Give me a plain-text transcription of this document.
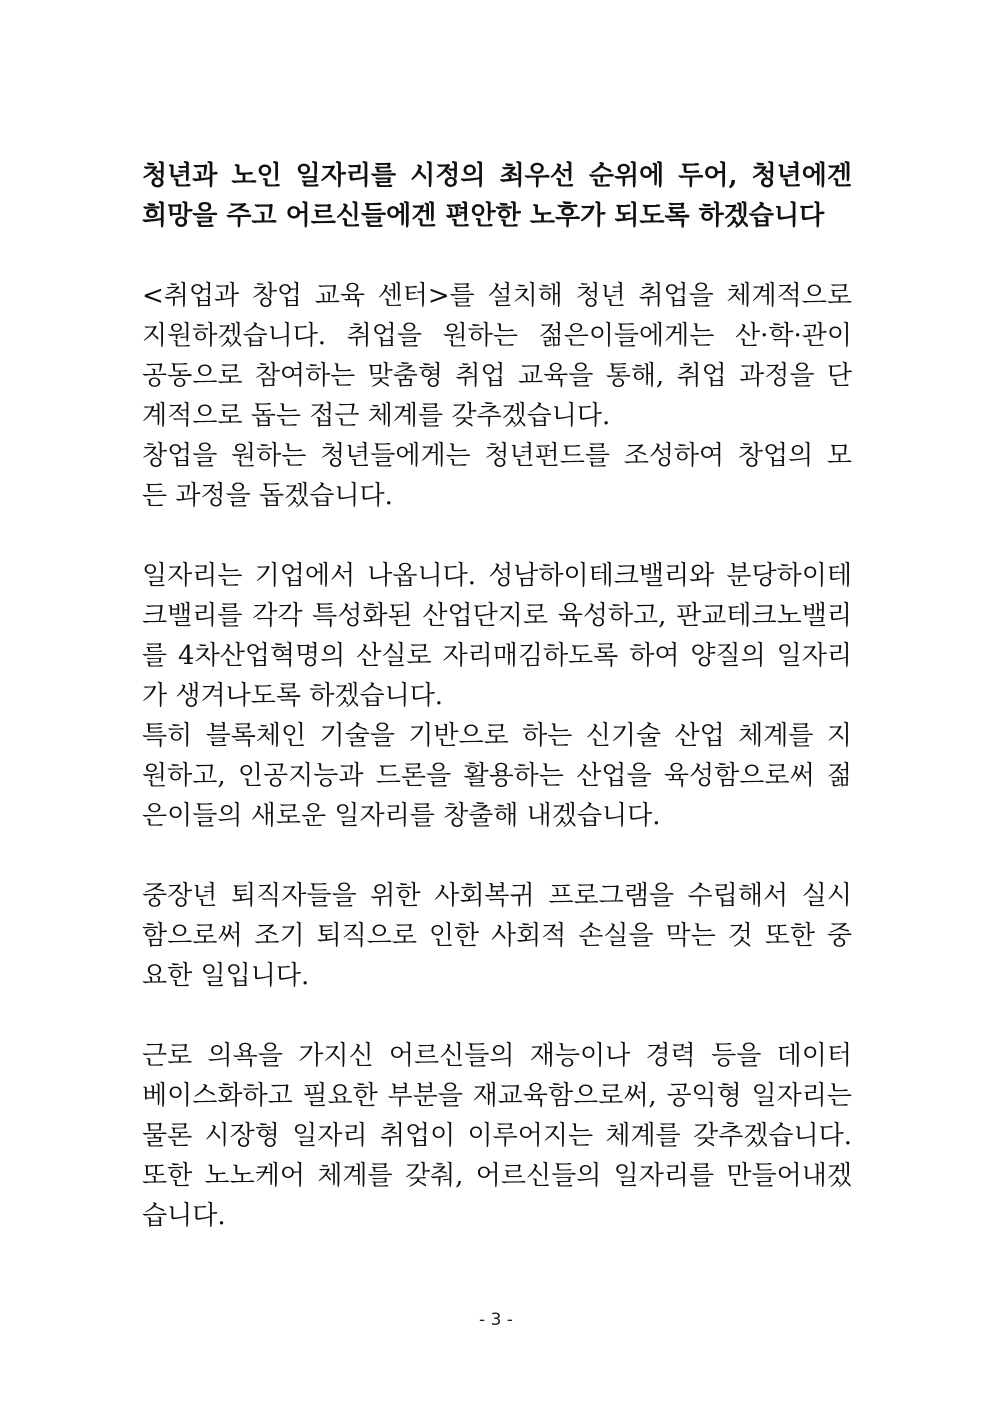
청년과 노인 일자리를 시정의 최우선 순위에 두어, 청년에겐
희망을 주고 어르신들에겐 편안한 노후가 되도록 하겠습니다
<취업과 창업 교육 센터>를 설치해 청년 취업을 체계적으로
지원하겠습니다. 취업을 원하는 젊은이들에게는 산·학·관이
공동으로 참여하는 맞춤형 취업 교육을 통해, 취업 과정을 단
계적으로 돕는 접근 체계를 갖추겠습니다.
창업을 원하는 청년들에게는 청년펀드를 조성하여 창업의 모
든 과정을 돕겠습니다.
일자리는 기업에서 나옵니다. 성남하이테크밸리와 분당하이테
크밸리를 각각 특성화된 산업단지로 육성하고, 판교테크노밸리
를 4차산업혁명의 산실로 자리매김하도록 하여 양질의 일자리
가 생겨나도록 하겠습니다.
특히 블록체인 기술을 기반으로 하는 신기술 산업 체계를 지
원하고, 인공지능과 드론을 활용하는 산업을 육성함으로써 젊
은이들의 새로운 일자리를 창출해 내겠습니다.
중장년 퇴직자들을 위한 사회복귀 프로그램을 수립해서 실시
함으로써 조기 퇴직으로 인한 사회적 손실을 막는 것 또한 중
요한 일입니다.
근로 의욕을 가지신 어르신들의 재능이나 경력 등을 데이터
베이스화하고 필요한 부분을 재교육함으로써, 공익형 일자리는
물론 시장형 일자리 취업이 이루어지는 체계를 갖추겠습니다.
또한 노노케어 체계를 갖춰, 어르신들의 일자리를 만들어내겠
습니다.
- 3 -
